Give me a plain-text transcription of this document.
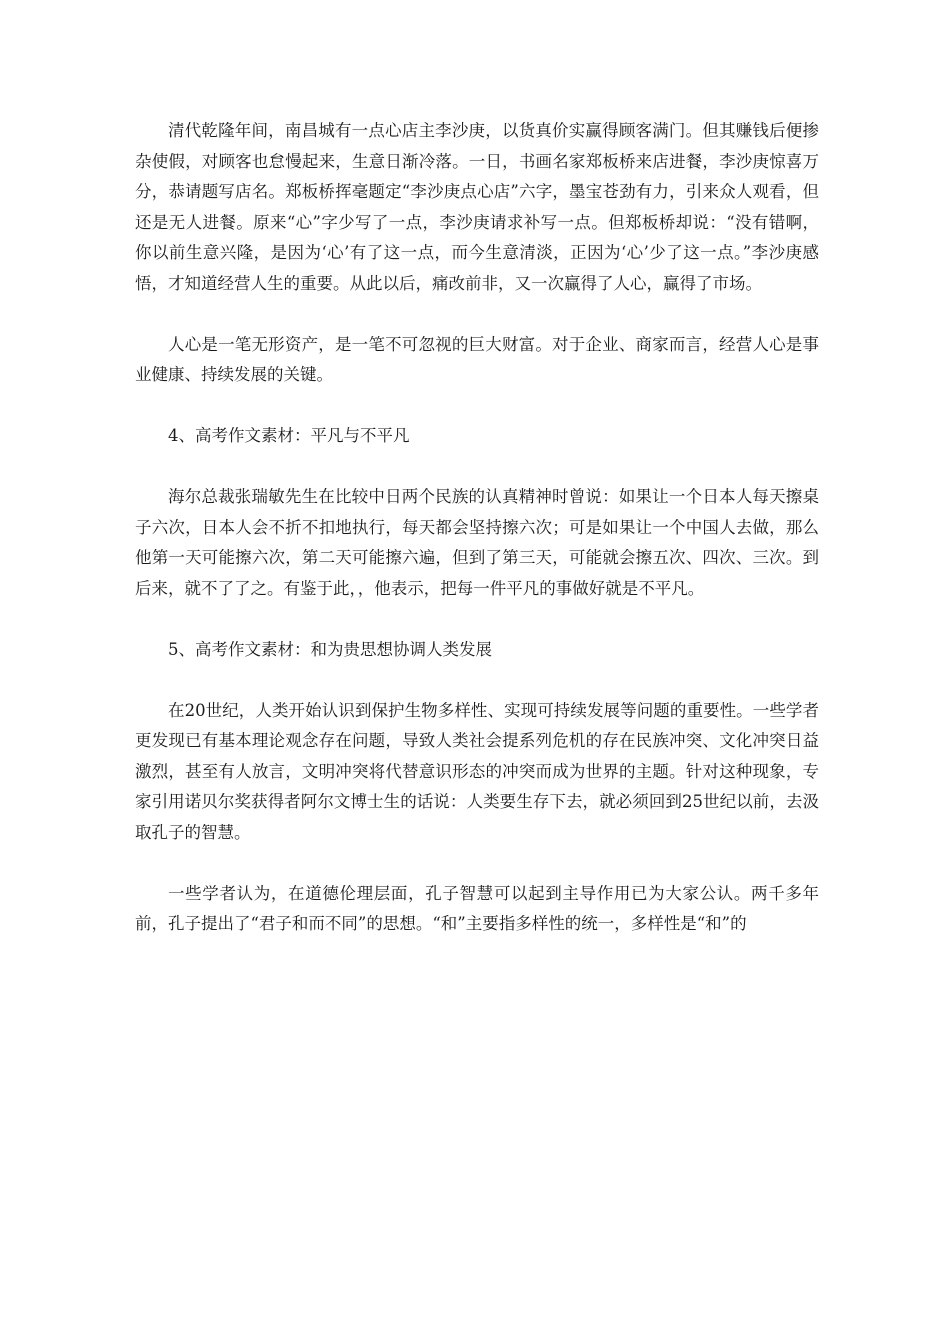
清代乾隆年间，南昌城有一点心店主李沙庚，以货真价实赢得顾客满门。但其赚钱后便掺杂使假，对顾客也怠慢起来，生意日渐冷落。一日，书画名家郑板桥来店进餐，李沙庚惊喜万分，恭请题写店名。郑板桥挥毫题定“李沙庚点心店”六字，墨宝苍劲有力，引来众人观看，但还是无人进餐。原来“心”字少写了一点，李沙庚请求补写一点。但郑板桥却说：“没有错啊，你以前生意兴隆，是因为‘心’有了这一点，而今生意清淡，正因为‘心’少了这一点。”李沙庚感悟，才知道经营人生的重要。从此以后，痛改前非，又一次赢得了人心，赢得了市场。

人心是一笔无形资产，是一笔不可忽视的巨大财富。对于企业、商家而言，经营人心是事业健康、持续发展的关键。

4、高考作文素材：平凡与不平凡

海尔总裁张瑞敏先生在比较中日两个民族的认真精神时曾说：如果让一个日本人每天擦桌子六次，日本人会不折不扣地执行，每天都会坚持擦六次；可是如果让一个中国人去做，那么他第一天可能擦六次，第二天可能擦六遍，但到了第三天，可能就会擦五次、四次、三次。到后来，就不了了之。有鉴于此，，他表示，把每一件平凡的事做好就是不平凡。

5、高考作文素材：和为贵思想协调人类发展

在20世纪，人类开始认识到保护生物多样性、实现可持续发展等问题的重要性。一些学者更发现已有基本理论观念存在问题，导致人类社会提系列危机的存在民族冲突、文化冲突日益激烈，甚至有人放言，文明冲突将代替意识形态的冲突而成为世界的主题。针对这种现象，专家引用诺贝尔奖获得者阿尔文博士生的话说：人类要生存下去，就必须回到25世纪以前，去汲取孔子的智慧。

一些学者认为，在道德伦理层面，孔子智慧可以起到主导作用已为大家公认。两千多年前，孔子提出了“君子和而不同”的思想。“和”主要指多样性的统一，多样性是“和”的
